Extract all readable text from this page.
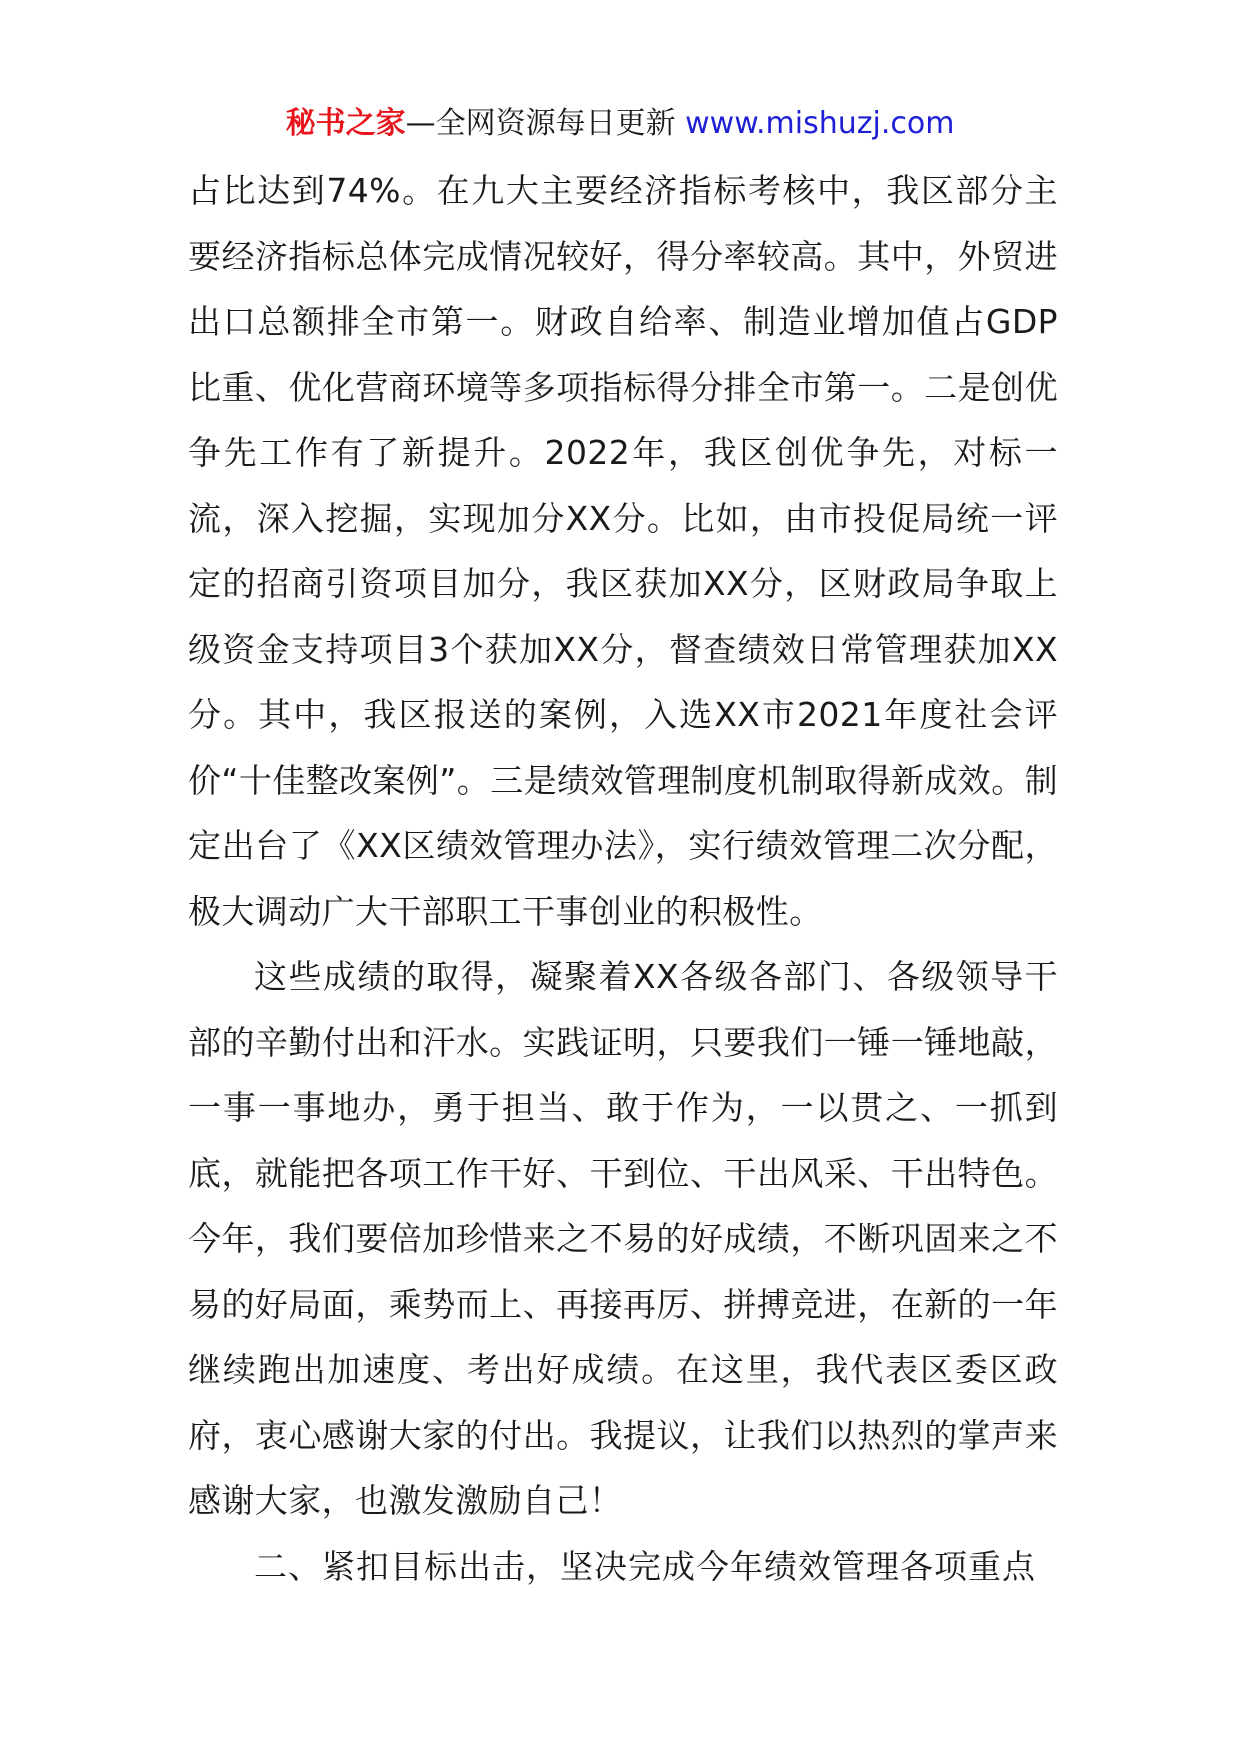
秘书之家—全网资源每日更新 www.mishuzj.com

占比达到74%。在九大主要经济指标考核中，我区部分主要经济指标总体完成情况较好，得分率较高。其中，外贸进出口总额排全市第一。财政自给率、制造业增加值占GDP比重、优化营商环境等多项指标得分排全市第一。二是创优争先工作有了新提升。2022年，我区创优争先，对标一流，深入挖掘，实现加分XX分。比如，由市投促局统一评定的招商引资项目加分，我区获加XX分，区财政局争取上级资金支持项目3个获加XX分，督查绩效日常管理获加XX分。其中，我区报送的案例，入选XX市2021年度社会评价“十佳整改案例”。三是绩效管理制度机制取得新成效。制定出台了《XX区绩效管理办法》，实行绩效管理二次分配，极大调动广大干部职工干事创业的积极性。

这些成绩的取得，凝聚着XX各级各部门、各级领导干部的辛勤付出和汗水。实践证明，只要我们一锤一锤地敲，一事一事地办，勇于担当、敢于作为，一以贯之、一抓到底，就能把各项工作干好、干到位、干出风采、干出特色。今年，我们要倍加珍惜来之不易的好成绩，不断巩固来之不易的好局面，乘势而上、再接再厉、拼搏竞进，在新的一年继续跑出加速度、考出好成绩。在这里，我代表区委区政府，衷心感谢大家的付出。我提议，让我们以热烈的掌声来感谢大家，也激发激励自己！

二、紧扣目标出击，坚决完成今年绩效管理各项重点
